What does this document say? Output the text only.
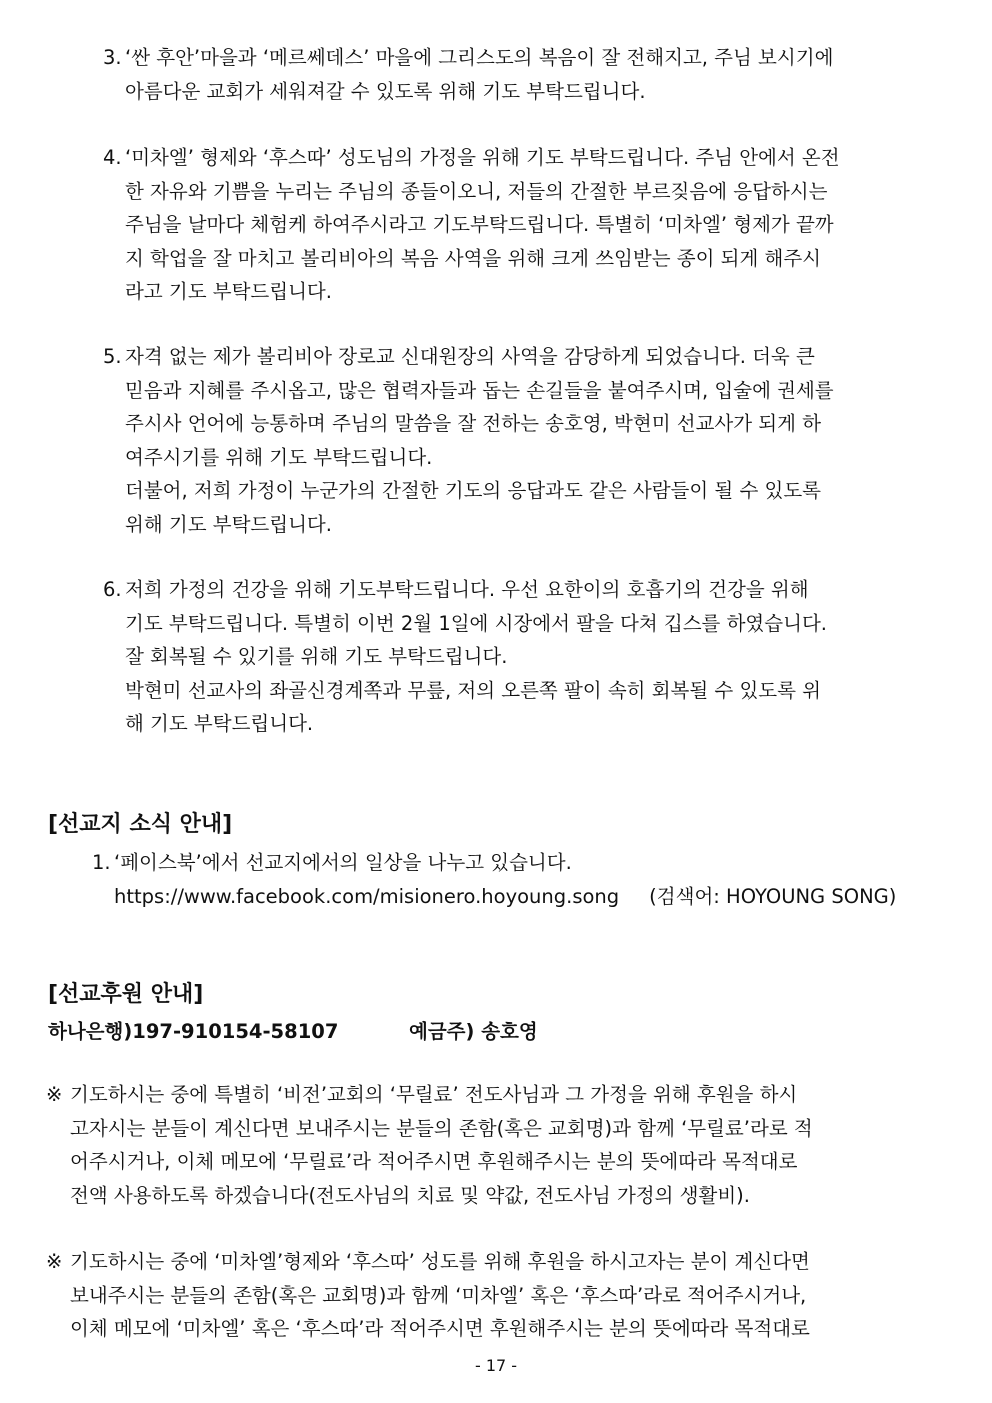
3. ‘싼 후안’마을과 ‘메르쎄데스’ 마을에 그리스도의 복음이 잘 전해지고, 주님 보시기에
아름다운 교회가 세워져갈 수 있도록 위해 기도 부탁드립니다.
4. ‘미차엘’ 형제와 ‘후스따’ 성도님의 가정을 위해 기도 부탁드립니다. 주님 안에서 온전
한 자유와 기쁨을 누리는 주님의 종들이오니, 저들의 간절한 부르짖음에 응답하시는
주님을 날마다 체험케 하여주시라고 기도부탁드립니다. 특별히 ‘미차엘’ 형제가 끝까
지 학업을 잘 마치고 볼리비아의 복음 사역을 위해 크게 쓰임받는 종이 되게 해주시
라고 기도 부탁드립니다.
5. 자격 없는 제가 볼리비아 장로교 신대원장의 사역을 감당하게 되었습니다. 더욱 큰
믿음과 지혜를 주시옵고, 많은 협력자들과 돕는 손길들을 붙여주시며, 입술에 권세를
주시사 언어에 능통하며 주님의 말씀을 잘 전하는 송호영, 박현미 선교사가 되게 하
여주시기를 위해 기도 부탁드립니다.
더불어, 저희 가정이 누군가의 간절한 기도의 응답과도 같은 사람들이 될 수 있도록
위해 기도 부탁드립니다.
6. 저희 가정의 건강을 위해 기도부탁드립니다. 우선 요한이의 호흡기의 건강을 위해
기도 부탁드립니다. 특별히 이번 2월 1일에 시장에서 팔을 다쳐 깁스를 하였습니다.
잘 회복될 수 있기를 위해 기도 부탁드립니다.
박현미 선교사의 좌골신경계쪽과 무릎, 저의 오른쪽 팔이 속히 회복될 수 있도록 위
해 기도 부탁드립니다.
[선교지 소식 안내]
1. ‘페이스북’에서 선교지에서의 일상을 나누고 있습니다.
https://www.facebook.com/misionero.hoyoung.song (검색어: HOYOUNG SONG)
[선교후원 안내]
하나은행)197-910154-58107	예금주) 송호영
※ 기도하시는 중에 특별히 ‘비전’교회의 ‘무릴료’ 전도사님과 그 가정을 위해 후원을 하시
고자시는 분들이 계신다면 보내주시는 분들의 존함(혹은 교회명)과 함께 ‘무릴료’라로 적
어주시거나, 이체 메모에 ‘무릴료’라 적어주시면 후원해주시는 분의 뜻에따라 목적대로
전액 사용하도록 하겠습니다(전도사님의 치료 및 약값, 전도사님 가정의 생활비).
※ 기도하시는 중에 ‘미차엘’형제와 ‘후스따’ 성도를 위해 후원을 하시고자는 분이 계신다면
보내주시는 분들의 존함(혹은 교회명)과 함께 ‘미차엘’ 혹은 ‘후스따’라로 적어주시거나,
이체 메모에 ‘미차엘’ 혹은 ‘후스따’라 적어주시면 후원해주시는 분의 뜻에따라 목적대로
- 17 -
